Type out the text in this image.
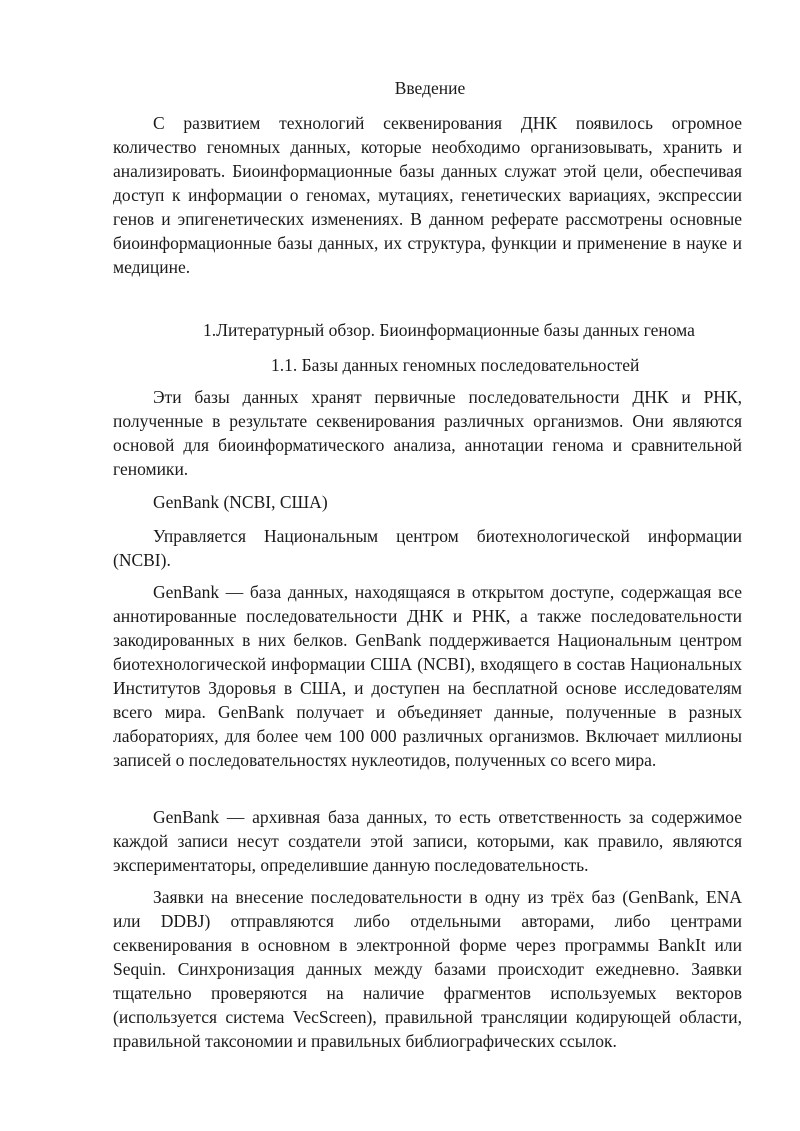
Введение

С развитием технологий секвенирования ДНК появилось огромное количество геномных данных, которые необходимо организовывать, хранить и анализировать. Биоинформационные базы данных служат этой цели, обеспечивая доступ к информации о геномах, мутациях, генетических вариациях, экспрессии генов и эпигенетических изменениях. В данном реферате рассмотрены основные биоинформационные базы данных, их структура, функции и применение в науке и медицине.

1.Литературный обзор. Биоинформационные базы данных генома
1.1. Базы данных геномных последовательностей

Эти базы данных хранят первичные последовательности ДНК и РНК, полученные в результате секвенирования различных организмов. Они являются основой для биоинформатического анализа, аннотации генома и сравнительной геномики.

GenBank (NCBI, США)

Управляется Национальным центром биотехнологической информации (NCBI).

GenBank — база данных, находящаяся в открытом доступе, содержащая все аннотированные последовательности ДНК и РНК, а также последовательности закодированных в них белков. GenBank поддерживается Национальным центром биотехнологической информации США (NCBI), входящего в состав Национальных Институтов Здоровья в США, и доступен на бесплатной основе исследователям всего мира. GenBank получает и объединяет данные, полученные в разных лабораториях, для более чем 100 000 различных организмов. Включает миллионы записей о последовательностях нуклеотидов, полученных со всего мира.

GenBank — архивная база данных, то есть ответственность за содержимое каждой записи несут создатели этой записи, которыми, как правило, являются экспериментаторы, определившие данную последовательность.

Заявки на внесение последовательности в одну из трёх баз (GenBank, ENA или DDBJ) отправляются либо отдельными авторами, либо центрами секвенирования в основном в электронной форме через программы BankIt или Sequin. Синхронизация данных между базами происходит ежедневно. Заявки тщательно проверяются на наличие фрагментов используемых векторов (используется система VecScreen), правильной трансляции кодирующей области, правильной таксономии и правильных библиографических ссылок.
